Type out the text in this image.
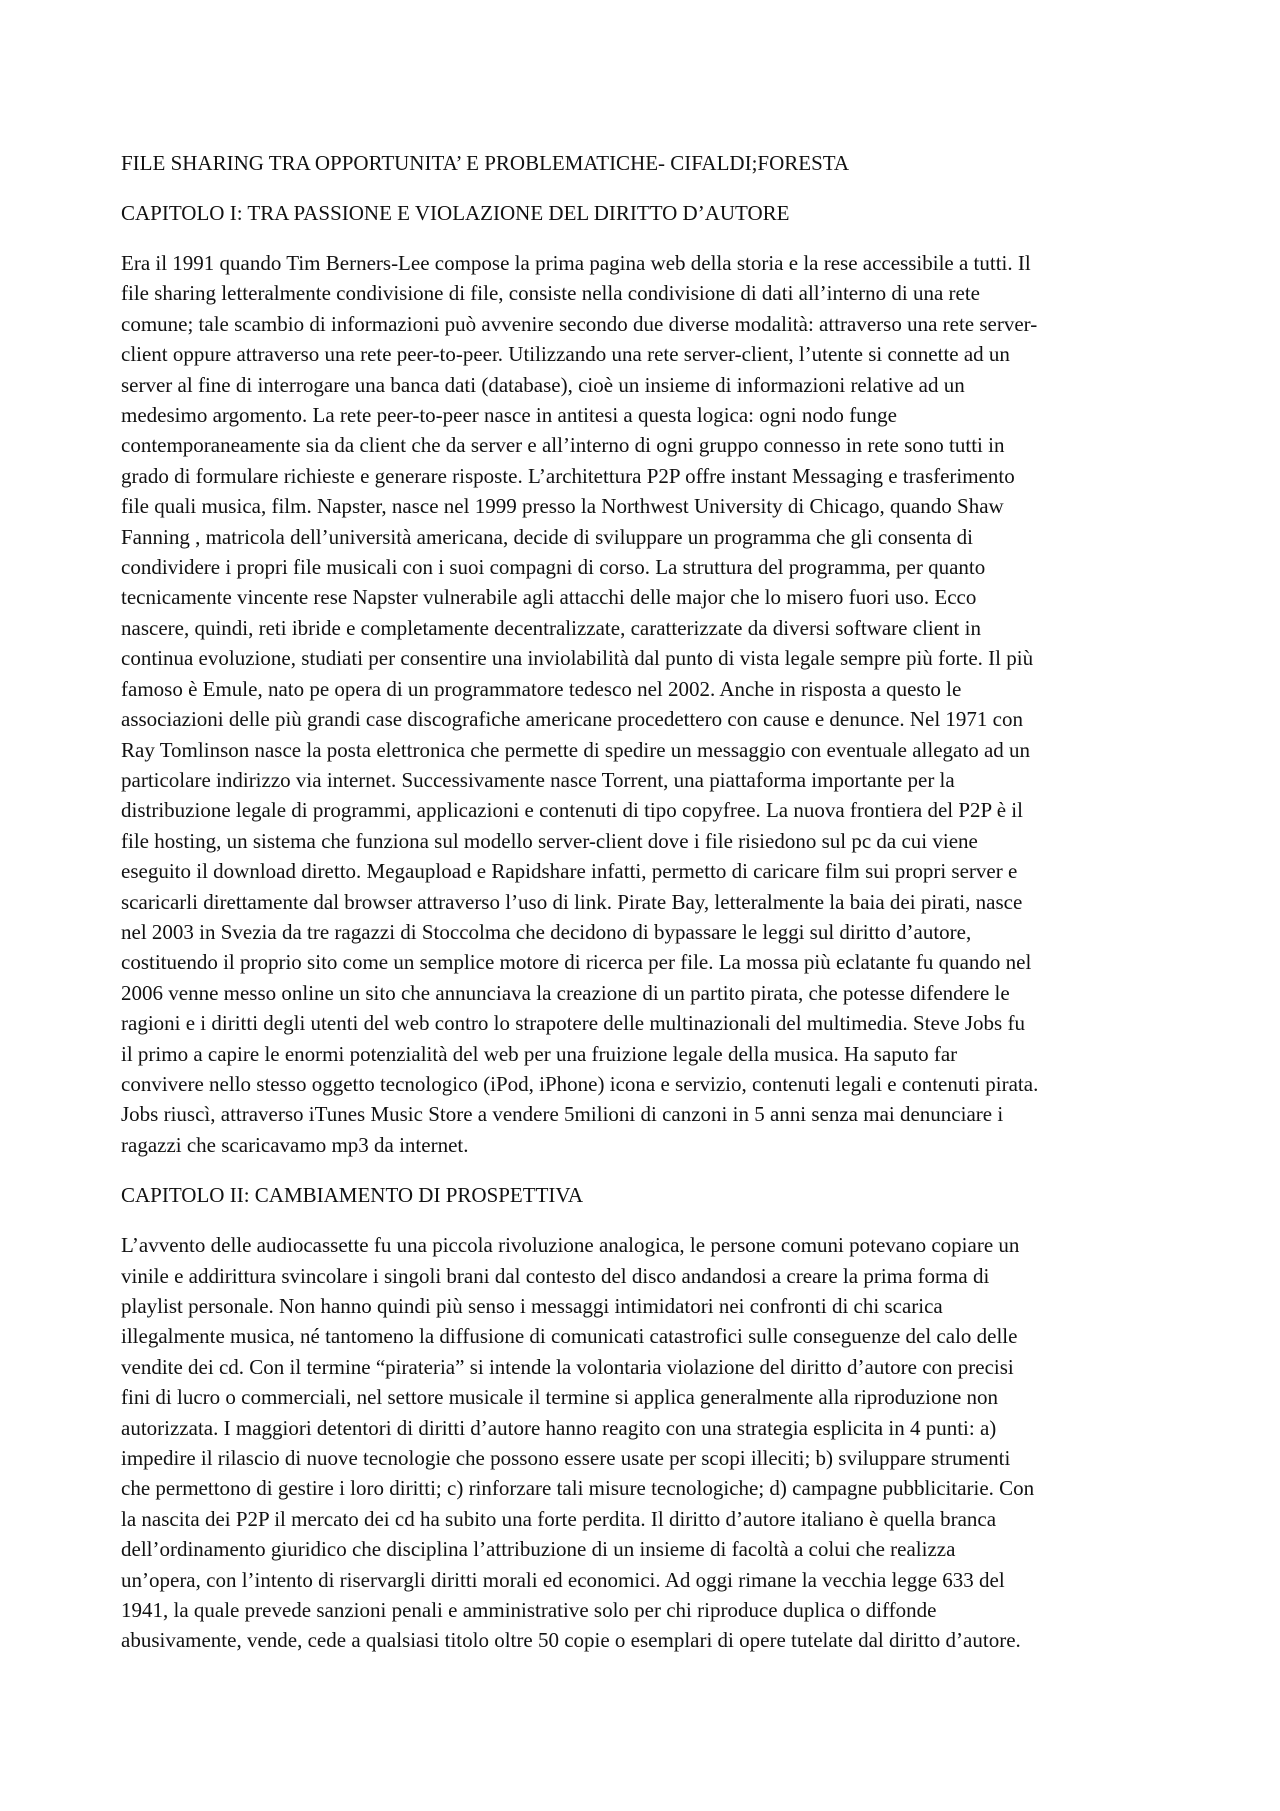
FILE SHARING TRA OPPORTUNITA’ E PROBLEMATICHE- CIFALDI;FORESTA
CAPITOLO I: TRA PASSIONE E VIOLAZIONE DEL DIRITTO D’AUTORE
Era il 1991 quando Tim Berners-Lee compose la prima pagina web della storia e la rese accessibile a tutti. Il
file sharing letteralmente condivisione di file, consiste nella condivisione di dati all’interno di una rete
comune; tale scambio di informazioni può avvenire secondo due diverse modalità: attraverso una rete server-
client oppure attraverso una rete peer-to-peer. Utilizzando una rete server-client, l’utente si connette ad un
server al fine di interrogare una banca dati (database), cioè un insieme di informazioni relative ad un
medesimo argomento. La rete peer-to-peer nasce in antitesi a questa logica: ogni nodo funge
contemporaneamente sia da client che da server e all’interno di ogni gruppo connesso in rete sono tutti in
grado di formulare richieste e generare risposte. L’architettura P2P offre instant Messaging e trasferimento
file quali musica, film. Napster, nasce nel 1999 presso la Northwest University di Chicago, quando Shaw
Fanning , matricola dell’università americana, decide di sviluppare un programma che gli consenta di
condividere i propri file musicali con i suoi compagni di corso. La struttura del programma, per quanto
tecnicamente vincente rese Napster vulnerabile agli attacchi delle major che lo misero fuori uso. Ecco
nascere, quindi, reti ibride e completamente decentralizzate, caratterizzate da diversi software client in
continua evoluzione, studiati per consentire una inviolabilità dal punto di vista legale sempre più forte. Il più
famoso è Emule, nato pe opera di un programmatore tedesco nel 2002. Anche in risposta a questo le
associazioni delle più grandi case discografiche americane procedettero con cause e denunce. Nel 1971 con
Ray Tomlinson nasce la posta elettronica che permette di spedire un messaggio con eventuale allegato ad un
particolare indirizzo via internet. Successivamente nasce Torrent, una piattaforma importante per la
distribuzione legale di programmi, applicazioni e contenuti di tipo copyfree. La nuova frontiera del P2P è il
file hosting, un sistema che funziona sul modello server-client dove i file risiedono sul pc da cui viene
eseguito il download diretto. Megaupload e Rapidshare infatti, permetto di caricare film sui propri server e
scaricarli direttamente dal browser attraverso l’uso di link. Pirate Bay, letteralmente la baia dei pirati, nasce
nel 2003 in Svezia da tre ragazzi di Stoccolma che decidono di bypassare le leggi sul diritto d’autore,
costituendo il proprio sito come un semplice motore di ricerca per file. La mossa più eclatante fu quando nel
2006 venne messo online un sito che annunciava la creazione di un partito pirata, che potesse difendere le
ragioni e i diritti degli utenti del web contro lo strapotere delle multinazionali del multimedia. Steve Jobs fu
il primo a capire le enormi potenzialità del web per una fruizione legale della musica. Ha saputo far
convivere nello stesso oggetto tecnologico (iPod, iPhone) icona e servizio, contenuti legali e contenuti pirata.
Jobs riuscì, attraverso iTunes Music Store a vendere 5milioni di canzoni in 5 anni senza mai denunciare i
ragazzi che scaricavamo mp3 da internet.
CAPITOLO II: CAMBIAMENTO DI PROSPETTIVA
L’avvento delle audiocassette fu una piccola rivoluzione analogica, le persone comuni potevano copiare un
vinile e addirittura svincolare i singoli brani dal contesto del disco andandosi a creare la prima forma di
playlist personale. Non hanno quindi più senso i messaggi intimidatori nei confronti di chi scarica
illegalmente musica, né tantomeno la diffusione di comunicati catastrofici sulle conseguenze del calo delle
vendite dei cd. Con il termine “pirateria” si intende la volontaria violazione del diritto d’autore con precisi
fini di lucro o commerciali, nel settore musicale il termine si applica generalmente alla riproduzione non
autorizzata. I maggiori detentori di diritti d’autore hanno reagito con una strategia esplicita in 4 punti: a)
impedire il rilascio di nuove tecnologie che possono essere usate per scopi illeciti; b) sviluppare strumenti
che permettono di gestire i loro diritti; c) rinforzare tali misure tecnologiche; d) campagne pubblicitarie. Con
la nascita dei P2P il mercato dei cd ha subito una forte perdita. Il diritto d’autore italiano è quella branca
dell’ordinamento giuridico che disciplina l’attribuzione di un insieme di facoltà a colui che realizza
un’opera, con l’intento di riservargli diritti morali ed economici. Ad oggi rimane la vecchia legge 633 del
1941, la quale prevede sanzioni penali e amministrative solo per chi riproduce duplica o diffonde
abusivamente, vende, cede a qualsiasi titolo oltre 50 copie o esemplari di opere tutelate dal diritto d’autore.
